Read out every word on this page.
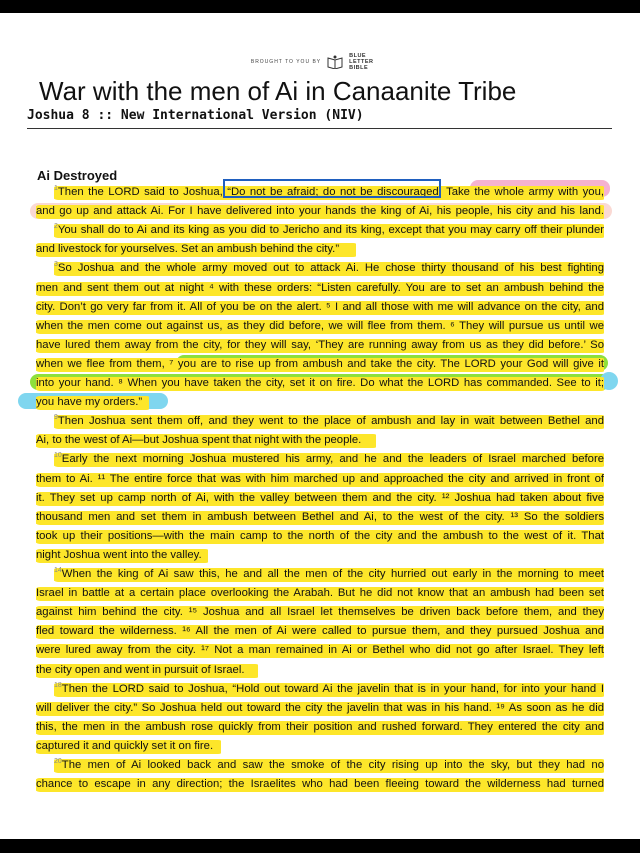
BROUGHT TO YOU BY
BLUE
LETTER
BIBLE
War with the men of Ai in Canaanite Tribe
Joshua 8 :: New International Version (NIV)
Ai Destroyed
$^1$Then the LORD said to Joshua, “Do not be afraid; do not be discouraged. Take the whole army with you,
and go up and attack Ai. For I have delivered into your hands the king of Ai, his people, his city and his land.
$^2$You shall do to Ai and its king as you did to Jericho and its king, except that you may carry off their plunder
and livestock for yourselves. Set an ambush behind the city.”
$^3$So Joshua and the whole army moved out to attack Ai. He chose thirty thousand of his best fighting
men and sent them out at night ⁴ with these orders: “Listen carefully. You are to set an ambush behind the
city. Don’t go very far from it. All of you be on the alert. ⁵ I and all those with me will advance on the city, and
when the men come out against us, as they did before, we will flee from them. ⁶ They will pursue us until we
have lured them away from the city, for they will say, ‘They are running away from us as they did before.’ So
when we flee from them, ⁷ you are to rise up from ambush and take the city. The LORD your God will give it
into your hand. ⁸ When you have taken the city, set it on fire. Do what the LORD has commanded. See to it;
you have my orders.”
$^9$Then Joshua sent them off, and they went to the place of ambush and lay in wait between Bethel and
Ai, to the west of Ai—but Joshua spent that night with the people.
$^{10}$Early the next morning Joshua mustered his army, and he and the leaders of Israel marched before
them to Ai. ¹¹ The entire force that was with him marched up and approached the city and arrived in front of
it. They set up camp north of Ai, with the valley between them and the city. ¹² Joshua had taken about five
thousand men and set them in ambush between Bethel and Ai, to the west of the city. ¹³ So the soldiers
took up their positions—with the main camp to the north of the city and the ambush to the west of it. That
night Joshua went into the valley.
$^{14}$When the king of Ai saw this, he and all the men of the city hurried out early in the morning to meet
Israel in battle at a certain place overlooking the Arabah. But he did not know that an ambush had been set
against him behind the city. ¹⁵ Joshua and all Israel let themselves be driven back before them, and they
fled toward the wilderness. ¹⁶ All the men of Ai were called to pursue them, and they pursued Joshua and
were lured away from the city. ¹⁷ Not a man remained in Ai or Bethel who did not go after Israel. They left
the city open and went in pursuit of Israel.
$^{18}$Then the LORD said to Joshua, “Hold out toward Ai the javelin that is in your hand, for into your hand I
will deliver the city.” So Joshua held out toward the city the javelin that was in his hand. ¹⁹ As soon as he did
this, the men in the ambush rose quickly from their position and rushed forward. They entered the city and
captured it and quickly set it on fire.
$^{20}$The men of Ai looked back and saw the smoke of the city rising up into the sky, but they had no
chance to escape in any direction; the Israelites who had been fleeing toward the wilderness had turned
